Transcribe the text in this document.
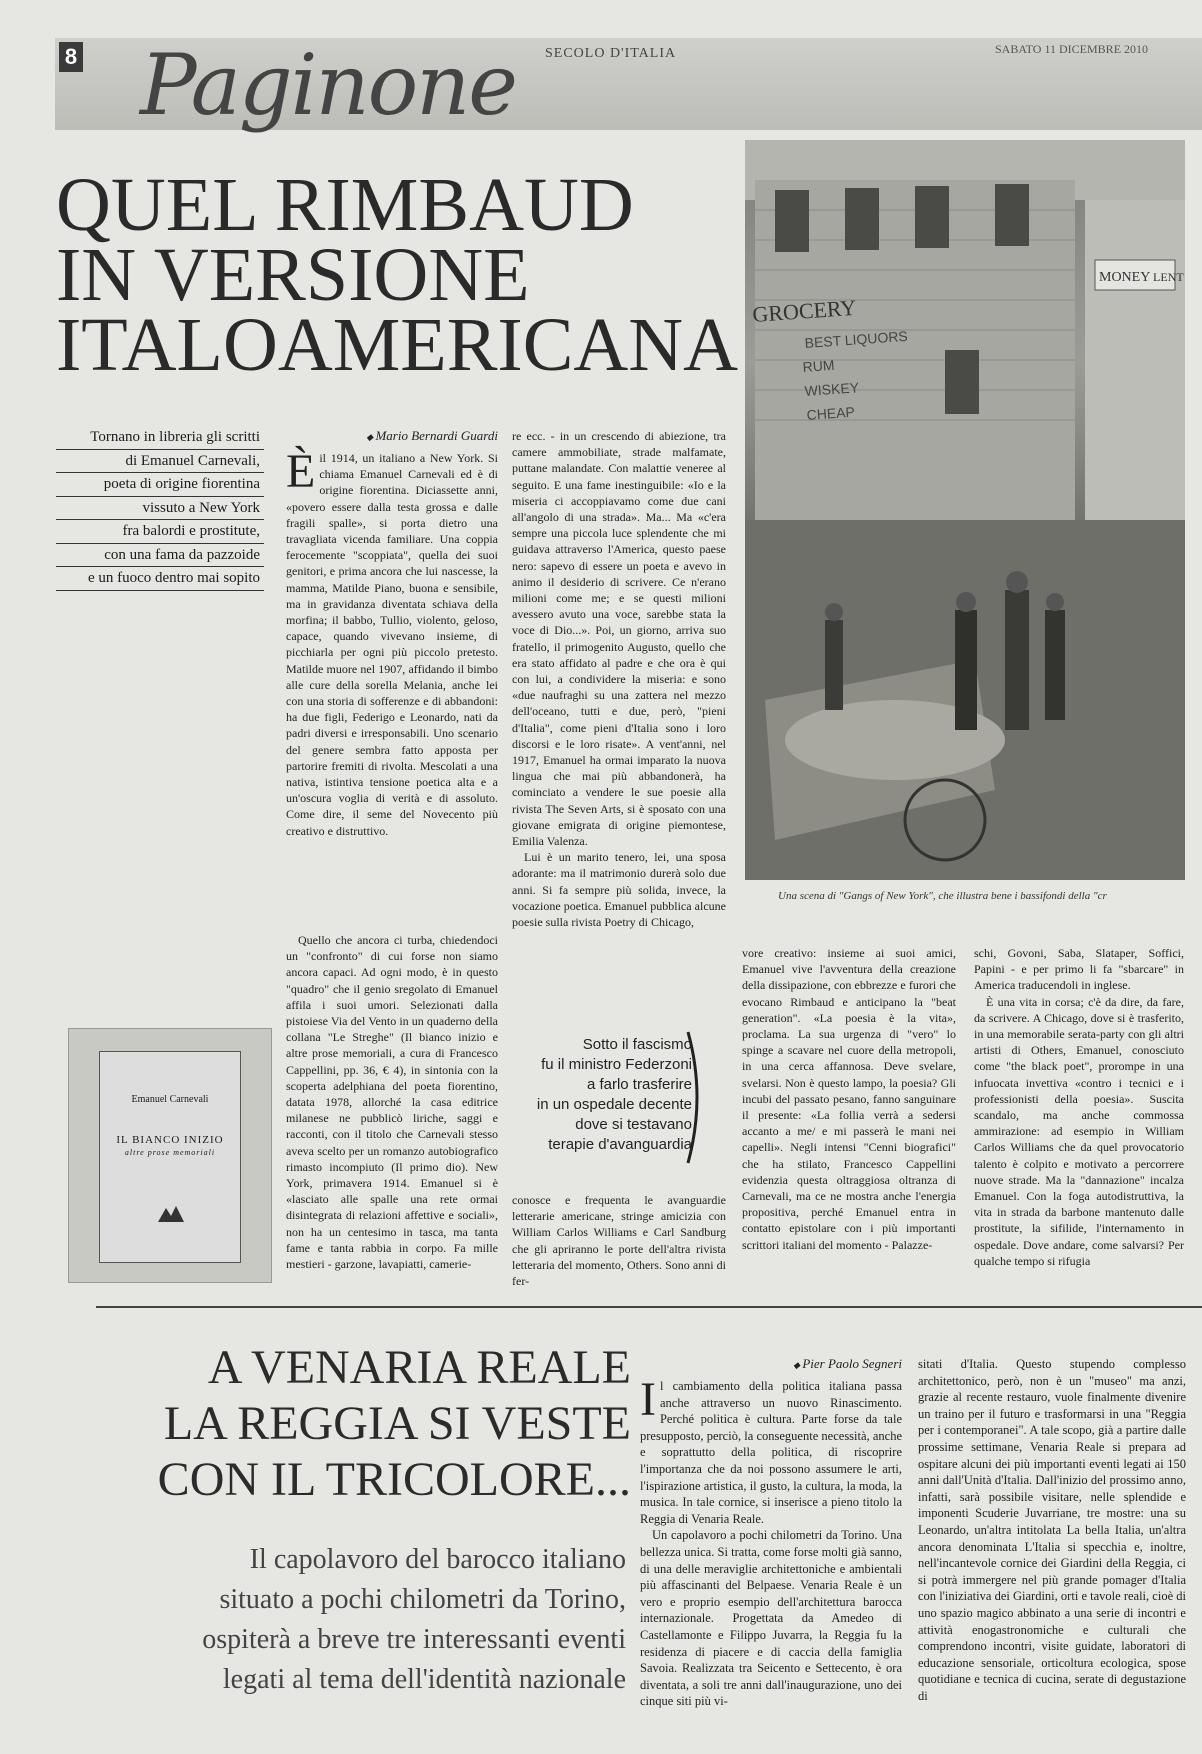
8 Paginone SECOLO D'ITALIA	SABATO 11 DICEMBRE 2010
QUEL RIMBAUD
IN VERSIONE
ITALOAMERICANA GROCERY
BEST LIQUORS
RUM
WISKEY
CHEAP
MONEY LENT
Una scena di "Gangs of New York", che illustra bene i bassifondi della "cr
Tornano in libreria gli scritti
di Emanuel Carnevali,
poeta di origine fiorentina
vissuto a New York
fra balordi e prostitute,
con una fama da pazzoide
e un fuoco dentro mai sopito
◆ Mario Bernardi Guardi
È il 1914, un italiano a New York. Si chiama Emanuel Carnevali ed è di origine fiorentina. Diciassette anni, «povero essere dalla testa grossa e dalle fragili spalle», si porta dietro una travagliata vicenda familiare. Una coppia ferocemente "scoppiata", quella dei suoi genitori, e prima ancora che lui nascesse, la mamma, Matilde Piano, buona e sensibile, ma in gravidanza diventata schiava della morfina; il babbo, Tullio, violento, geloso, capace, quando vivevano insieme, di picchiarla per ogni più piccolo pretesto. Matilde muore nel 1907, affidando il bimbo alle cure della sorella Melania, anche lei con una storia di sofferenze e di abbandoni: ha due figli, Federigo e Leonardo, nati da padri diversi e irresponsabili. Uno scenario del genere sembra fatto apposta per partorire fremiti di rivolta. Mescolati a una nativa, istintiva tensione poetica alta e a un'oscura voglia di verità e di assoluto. Come dire, il seme del Novecento più creativo e distruttivo.

Quello che ancora ci turba, chiedendoci un "confronto" di cui forse non siamo ancora capaci. Ad ogni modo, è in questo "quadro" che il genio sregolato di Emanuel affila i suoi umori. Selezionati dalla pistoiese Via del Vento in un quaderno della collana "Le Streghe" (Il bianco inizio e altre prose memoriali, a cura di Francesco Cappellini, pp. 36, € 4), in sintonia con la scoperta adelphiana del poeta fiorentino, datata 1978, allorché la casa editrice milanese ne pubblicò liriche, saggi e racconti, con il titolo che Carnevali stesso aveva scelto per un romanzo autobiografico rimasto incompiuto (Il primo dio). New York, primavera 1914. Emanuel si è «lasciato alle spalle una rete ormai disintegrata di relazioni affettive e sociali», non ha un centesimo in tasca, ma tanta fame e tanta rabbia in corpo. Fa mille mestieri - garzone, lavapiatti, camerie-

re ecc. - in un crescendo di abiezione, tra camere ammobiliate, strade malfamate, puttane malandate. Con malattie veneree al seguito. E una fame inestinguibile: «Io e la miseria ci accoppiavamo come due cani all'angolo di una strada». Ma... Ma «c'era sempre una piccola luce splendente che mi guidava attraverso l'America, questo paese nero: sapevo di essere un poeta e avevo in animo il desiderio di scrivere. Ce n'erano milioni come me; e se questi milioni avessero avuto una voce, sarebbe stata la voce di Dio...». Poi, un giorno, arriva suo fratello, il primogenito Augusto, quello che era stato affidato al padre e che ora è qui con lui, a condividere la miseria: e sono «due naufraghi su una zattera nel mezzo dell'oceano, tutti e due, però, "pieni d'Italia", come pieni d'Italia sono i loro discorsi e le loro risate». A vent'anni, nel 1917, Emanuel ha ormai imparato la nuova lingua che mai più abbandonerà, ha cominciato a vendere le sue poesie alla rivista The Seven Arts, si è sposato con una giovane emigrata di origine piemontese, Emilia Valenza.

Lui è un marito tenero, lei, una sposa adorante: ma il matrimonio durerà solo due anni. Si fa sempre più solida, invece, la vocazione poetica. Emanuel pubblica alcune poesie sulla rivista Poetry di Chicago,

Sotto il fascismo
fu il ministro Federzoni
a farlo trasferire
in un ospedale decente
dove si testavano
terapie d'avanguardia

conosce e frequenta le avanguardie letterarie americane, stringe amicizia con William Carlos Williams e Carl Sandburg che gli apriranno le porte dell'altra rivista letteraria del momento, Others. Sono anni di fer-

vore creativo: insieme ai suoi amici, Emanuel vive l'avventura della creazione della dissipazione, con ebbrezze e furori che evocano Rimbaud e anticipano la "beat generation". «La poesia è la vita», proclama. La sua urgenza di "vero" lo spinge a scavare nel cuore della metropoli, in una cerca affannosa. Deve svelare, svelarsi. Non è questo lampo, la poesia? Gli incubi del passato pesano, fanno sanguinare il presente: «La follia verrà a sedersi accanto a me/ e mi passerà le mani nei capelli». Negli intensi "Cenni biografici" che ha stilato, Francesco Cappellini evidenzia questa oltraggiosa oltranza di Carnevali, ma ce ne mostra anche l'energia propositiva, perché Emanuel entra in contatto epistolare con i più importanti scrittori italiani del momento - Palazze-

schi, Govoni, Saba, Slataper, Soffici, Papini - e per primo li fa "sbarcare" in America traducendoli in inglese.

È una vita in corsa; c'è da dire, da fare, da scrivere. A Chicago, dove si è trasferito, in una memorabile serata-party con gli altri artisti di Others, Emanuel, conosciuto come "the black poet", prorompe in una infuocata invettiva «contro i tecnici e i professionisti della poesia». Suscita scandalo, ma anche commossa ammirazione: ad esempio in William Carlos Williams che da quel provocatorio talento è colpito e motivato a percorrere nuove strade. Ma la "dannazione" incalza Emanuel. Con la foga autodistruttiva, la vita in strada da barbone mantenuto dalle prostitute, la sifilide, l'internamento in ospedale. Dove andare, come salvarsi? Per qualche tempo si rifugia

Emanuel Carnevali
IL BIANCO INIZIO
altre prose memoriali
A VENARIA REALE
LA REGGIA SI VESTE
CON IL TRICOLORE...
Il capolavoro del barocco italiano
situato a pochi chilometri da Torino,
ospiterà a breve tre interessanti eventi
legati al tema dell'identità nazionale
◆ Pier Paolo Segneri
I l cambiamento della politica italiana passa anche attraverso un nuovo Rinascimento. Perché politica è cultura. Parte forse da tale presupposto, perciò, la conseguente necessità, anche e soprattutto della politica, di riscoprire l'importanza che da noi possono assumere le arti, l'ispirazione artistica, il gusto, la cultura, la moda, la musica. In tale cornice, si inserisce a pieno titolo la Reggia di Venaria Reale.

Un capolavoro a pochi chilometri da Torino. Una bellezza unica. Si tratta, come forse molti già sanno, di una delle meraviglie architettoniche e ambientali più affascinanti del Belpaese. Venaria Reale è un vero e proprio esempio dell'architettura barocca internazionale. Progettata da Amedeo di Castellamonte e Filippo Juvarra, la Reggia fu la residenza di piacere e di caccia della famiglia Savoia. Realizzata tra Seicento e Settecento, è ora diventata, a soli tre anni dall'inaugurazione, uno dei cinque siti più vi-

sitati d'Italia. Questo stupendo complesso architettonico, però, non è un "museo" ma anzi, grazie al recente restauro, vuole finalmente divenire un traino per il futuro e trasformarsi in una "Reggia per i contemporanei". A tale scopo, già a partire dalle prossime settimane, Venaria Reale si prepara ad ospitare alcuni dei più importanti eventi legati ai 150 anni dall'Unità d'Italia. Dall'inizio del prossimo anno, infatti, sarà possibile visitare, nelle splendide e imponenti Scuderie Juvarriane, tre mostre: una su Leonardo, un'altra intitolata La bella Italia, un'altra ancora denominata L'Italia si specchia e, inoltre, nell'incantevole cornice dei Giardini della Reggia, ci si potrà immergere nel più grande pomager d'Italia con l'iniziativa dei Giardini, orti e tavole reali, cioè di uno spazio magico abbinato a una serie di incontri e attività enogastronomiche e culturali che comprendono incontri, visite guidate, laboratori di educazione sensoriale, orticoltura ecologica, spose quotidiane e tecnica di cucina, serate di degustazione di
